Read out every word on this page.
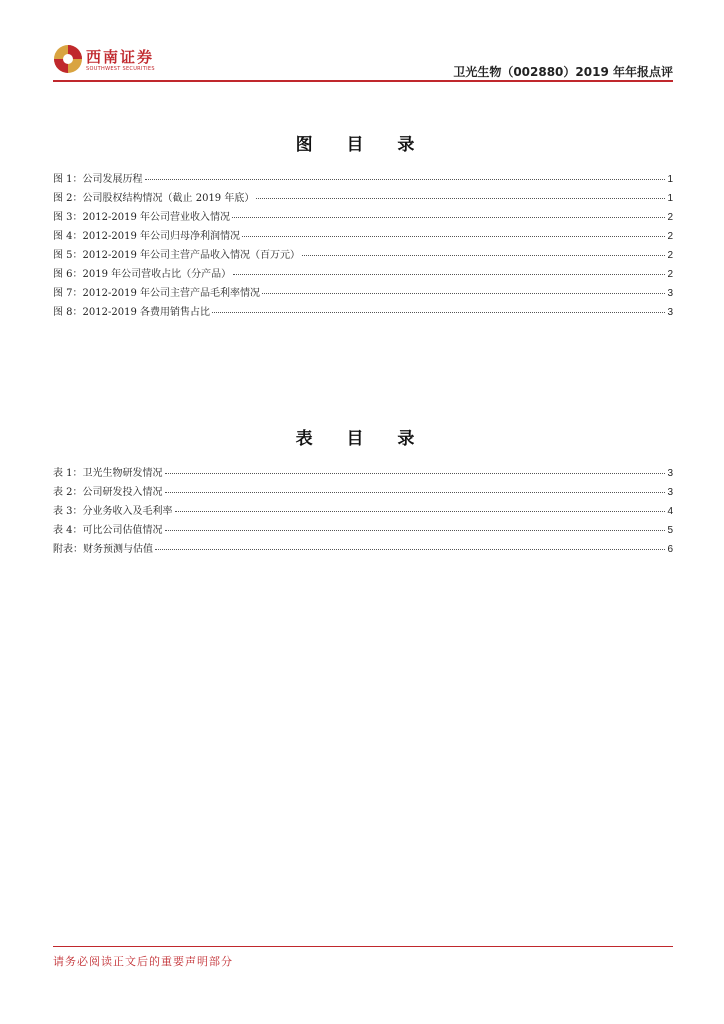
西南证券
SOUTHWEST SECURITIES	卫光生物（002880）2019 年年报点评
图 目 录
图 1：公司发展历程	1
图 2：公司股权结构情况（截止 2019 年底）	1
图 3：2012-2019 年公司营业收入情况	2
图 4：2012-2019 年公司归母净利润情况	2
图 5：2012-2019 年公司主营产品收入情况（百万元）	2
图 6：2019 年公司营收占比（分产品）	2
图 7：2012-2019 年公司主营产品毛利率情况	3
图 8：2012-2019 各费用销售占比	3
表 目 录
表 1：卫光生物研发情况	3
表 2：公司研发投入情况	3
表 3：分业务收入及毛利率	4
表 4：可比公司估值情况	5
附表：财务预测与估值	6
请务必阅读正文后的重要声明部分
